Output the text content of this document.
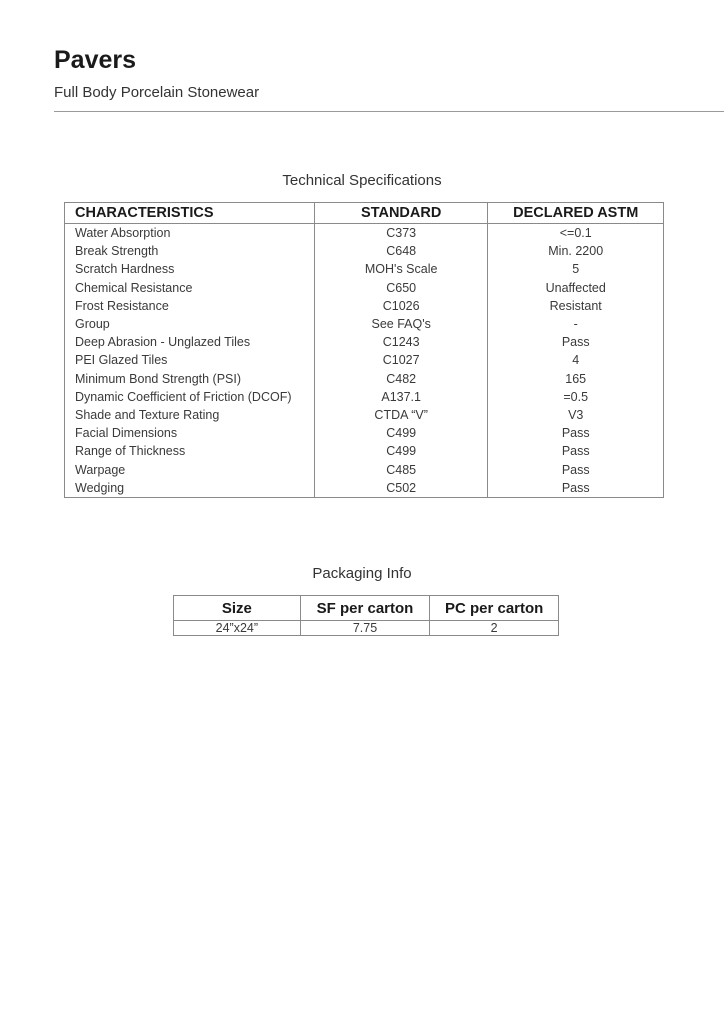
Pavers
Full Body Porcelain Stonewear
Technical Specifications
CHARACTERISTICS	STANDARD	DECLARED ASTM
Water Absorption	C373	<=0.1
Break Strength	C648	Min. 2200
Scratch Hardness	MOH's Scale	5
Chemical Resistance	C650	Unaffected
Frost Resistance	C1026	Resistant
Group	See FAQ's	-
Deep Abrasion - Unglazed Tiles	C1243	Pass
PEI Glazed Tiles	C1027	4
Minimum Bond Strength (PSI)	C482	165
Dynamic Coefficient of Friction (DCOF)	A137.1	=0.5
Shade and Texture Rating	CTDA “V”	V3
Facial Dimensions	C499	Pass
Range of Thickness	C499	Pass
Warpage	C485	Pass
Wedging	C502	Pass
Packaging Info
Size	SF per carton	PC per carton
24”x24”	7.75	2
